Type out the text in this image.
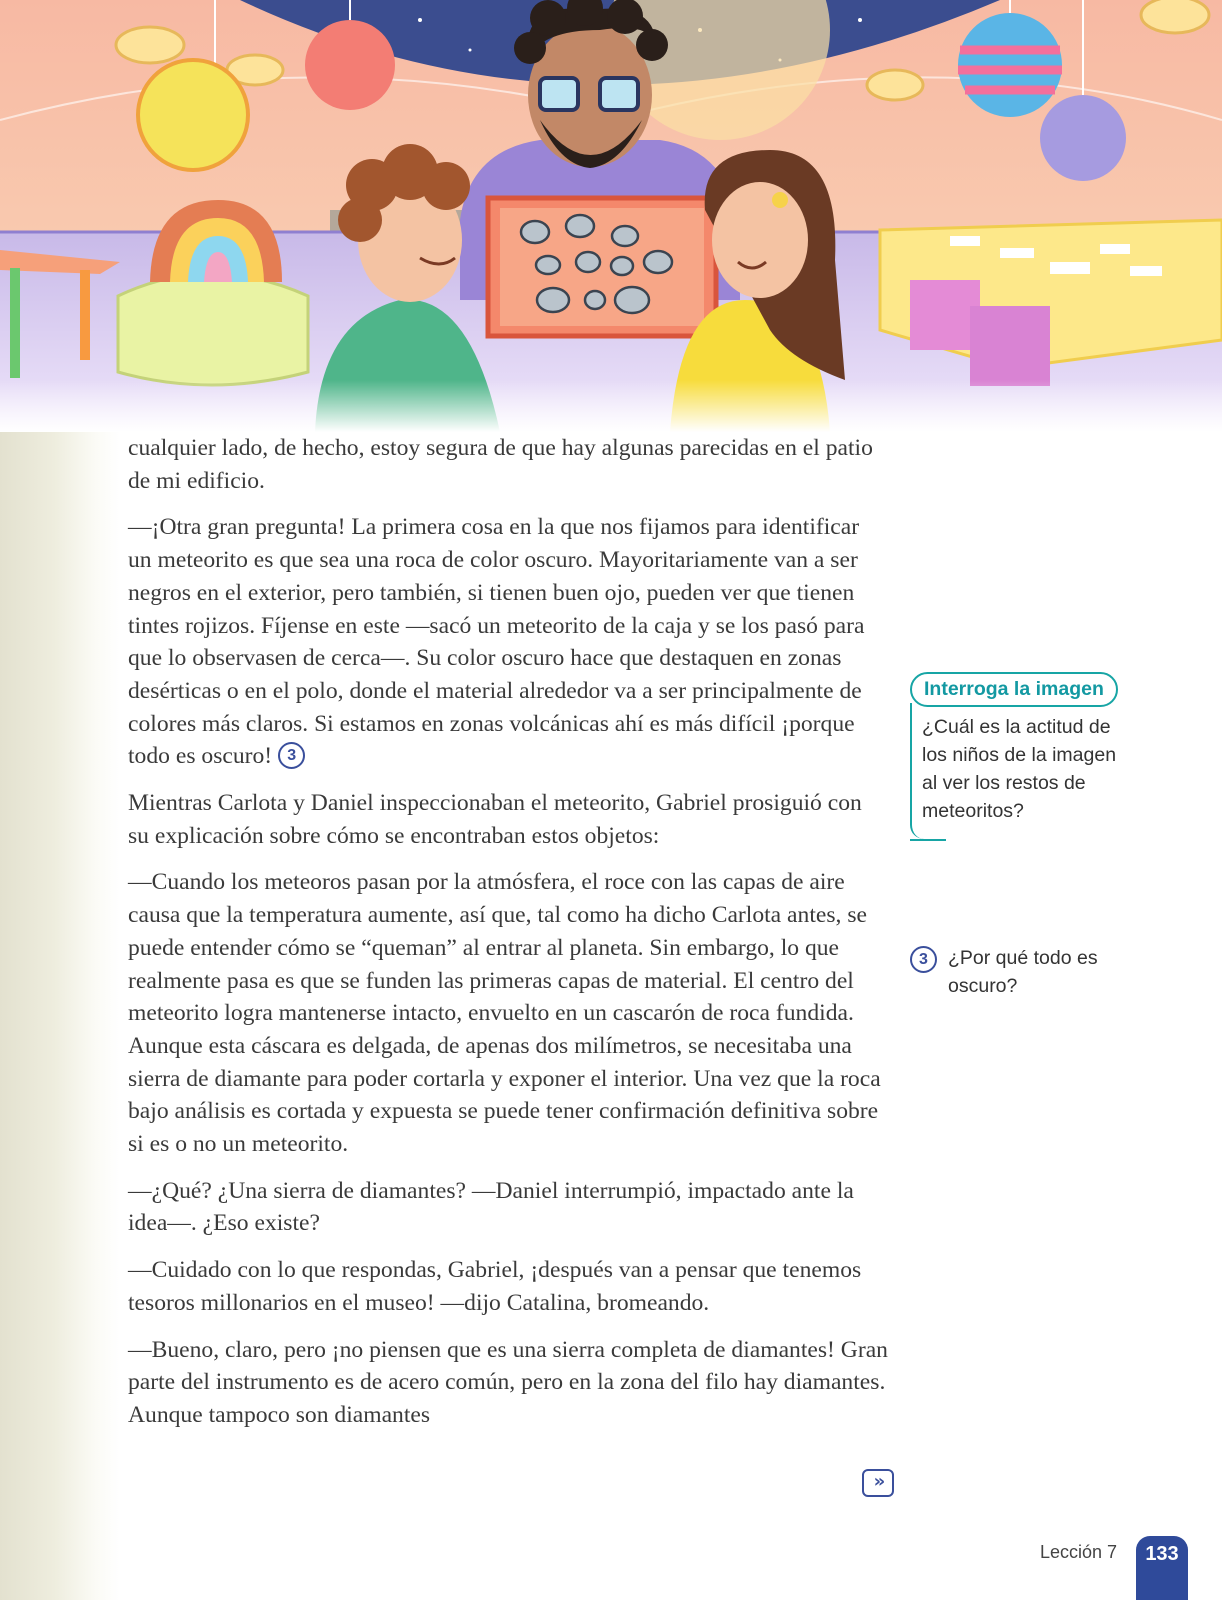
cualquier lado, de hecho, estoy segura de que hay algunas parecidas en el patio de mi edificio.

—¡Otra gran pregunta! La primera cosa en la que nos fijamos para identificar un meteorito es que sea una roca de color oscuro. Mayoritariamente van a ser negros en el exterior, pero también, si tienen buen ojo, pueden ver que tienen tintes rojizos. Fíjense en este —sacó un meteorito de la caja y se los pasó para que lo observasen de cerca—. Su color oscuro hace que destaquen en zonas desérticas o en el polo, donde el material alrededor va a ser principalmente de colores más claros. Si estamos en zonas volcánicas ahí es más difícil ¡porque todo es oscuro! 3

Mientras Carlota y Daniel inspeccionaban el meteorito, Gabriel prosiguió con su explicación sobre cómo se encontraban estos objetos:

—Cuando los meteoros pasan por la atmósfera, el roce con las capas de aire causa que la temperatura aumente, así que, tal como ha dicho Carlota antes, se puede entender cómo se “queman” al entrar al planeta. Sin embargo, lo que realmente pasa es que se funden las primeras capas de material. El centro del meteorito logra mantenerse intacto, envuelto en un cascarón de roca fundida. Aunque esta cáscara es delgada, de apenas dos milímetros, se necesitaba una sierra de diamante para poder cortarla y exponer el interior. Una vez que la roca bajo análisis es cortada y expuesta se puede tener confirmación definitiva sobre si es o no un meteorito.

—¿Qué? ¿Una sierra de diamantes? —Daniel interrumpió, impactado ante la idea—. ¿Eso existe?

—Cuidado con lo que respondas, Gabriel, ¡después van a pensar que tenemos tesoros millonarios en el museo! —dijo Catalina, bromeando.

—Bueno, claro, pero ¡no piensen que es una sierra completa de diamantes! Gran parte del instrumento es de acero común, pero en la zona del filo hay diamantes. Aunque tampoco son diamantes

Interroga la imagen
¿Cuál es la actitud de los niños de la imagen al ver los restos de meteoritos?
3	¿Por qué todo es oscuro?
»
Lección 7	133
